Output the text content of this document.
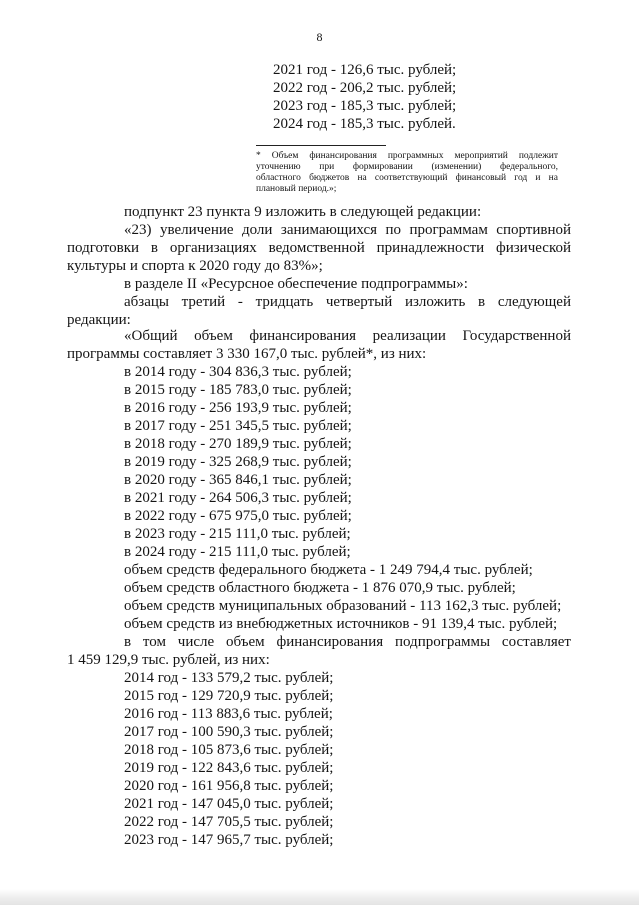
8
2021 год - 126,6 тыс. рублей;
2022 год - 206,2 тыс. рублей;
2023 год - 185,3 тыс. рублей;
2024 год - 185,3 тыс. рублей.
* Объем финансирования программных мероприятий подлежит
уточнению при формировании (изменении) федерального,
областного бюджетов на соответствующий финансовый год и на
плановый период.»;
подпункт 23 пункта 9 изложить в следующей редакции:
«23) увеличение доли занимающихся по программам спортивной
подготовки в организациях ведомственной принадлежности физической
культуры и спорта к 2020 году до 83%»;
в разделе II «Ресурсное обеспечение подпрограммы»:
абзацы третий - тридцать четвертый изложить в следующей
редакции:
«Общий объем финансирования реализации Государственной
программы составляет 3 330 167,0 тыс. рублей*, из них:
в 2014 году - 304 836,3 тыс. рублей;
в 2015 году - 185 783,0 тыс. рублей;
в 2016 году - 256 193,9 тыс. рублей;
в 2017 году - 251 345,5 тыс. рублей;
в 2018 году - 270 189,9 тыс. рублей;
в 2019 году - 325 268,9 тыс. рублей;
в 2020 году - 365 846,1 тыс. рублей;
в 2021 году - 264 506,3 тыс. рублей;
в 2022 году - 675 975,0 тыс. рублей;
в 2023 году - 215 111,0 тыс. рублей;
в 2024 году - 215 111,0 тыс. рублей;
объем средств федерального бюджета - 1 249 794,4 тыс. рублей;
объем средств областного бюджета - 1 876 070,9 тыс. рублей;
объем средств муниципальных образований - 113 162,3 тыс. рублей;
объем средств из внебюджетных источников - 91 139,4 тыс. рублей;
в том числе объем финансирования подпрограммы составляет
1 459 129,9 тыс. рублей, из них:
2014 год - 133 579,2 тыс. рублей;
2015 год - 129 720,9 тыс. рублей;
2016 год - 113 883,6 тыс. рублей;
2017 год - 100 590,3 тыс. рублей;
2018 год - 105 873,6 тыс. рублей;
2019 год - 122 843,6 тыс. рублей;
2020 год - 161 956,8 тыс. рублей;
2021 год - 147 045,0 тыс. рублей;
2022 год - 147 705,5 тыс. рублей;
2023 год - 147 965,7 тыс. рублей;
